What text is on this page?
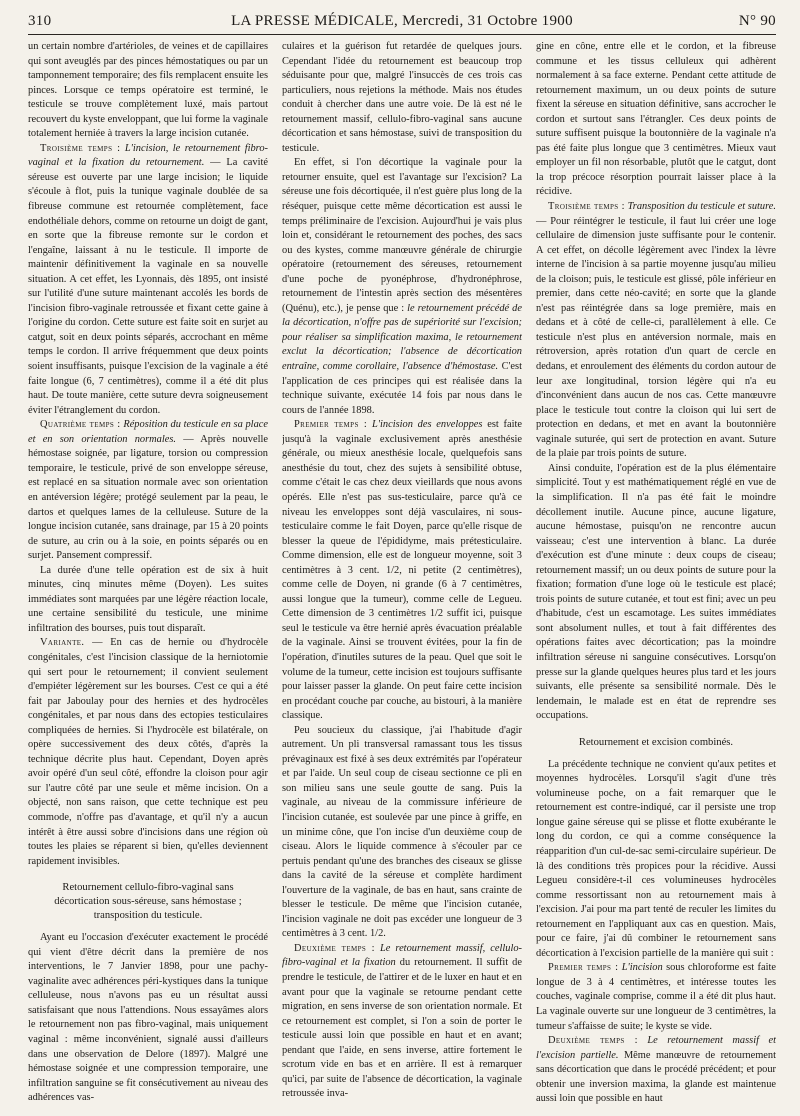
310	LA PRESSE MÉDICALE, Mercredi, 31 Octobre 1900	N° 90

un certain nombre d'artérioles, de veines et de capillaires qui sont aveuglés par des pinces hémostatiques ou par un tamponnement temporaire; des fils remplacent ensuite les pinces. Lorsque ce temps opératoire est terminé, le testicule se trouve complètement luxé, mais partout recouvert du kyste enveloppant, que lui forme la vaginale totalement herniée à travers la large incision cutanée.

Troisième temps : L'incision, le retournement fibro-vaginal et la fixation du retournement. — La cavité séreuse est ouverte par une large incision; le liquide s'écoule à flot, puis la tunique vaginale doublée de sa fibreuse commune est retournée complètement, face endothéliale dehors, comme on retourne un doigt de gant, en sorte que la fibreuse remonte sur le cordon et l'engaîne, laissant à nu le testicule. Il importe de maintenir définitivement la vaginale en sa nouvelle situation. A cet effet, les Lyonnais, dès 1895, ont insisté sur l'utilité d'une suture maintenant accolés les bords de l'incision fibro-vaginale retroussée et fixant cette gaine à l'origine du cordon. Cette suture est faite soit en surjet au catgut, soit en deux points séparés, accrochant en même temps le cordon. Il arrive fréquemment que deux points soient insuffisants, puisque l'excision de la vaginale a été faite longue (6, 7 centimètres), comme il a été dit plus haut. De toute manière, cette suture devra soigneusement éviter l'étranglement du cordon.

Quatrième temps : Réposition du testicule en sa place et en son orientation normales. — Après nouvelle hémostase soignée, par ligature, torsion ou compression temporaire, le testicule, privé de son enveloppe séreuse, est replacé en sa situation normale avec son orientation en antéversion légère; protégé seulement par la peau, le dartos et quelques lames de la celluleuse. Suture de la longue incision cutanée, sans drainage, par 15 à 20 points de suture, au crin ou à la soie, en points séparés ou en surjet. Pansement compressif.

La durée d'une telle opération est de six à huit minutes, cinq minutes même (Doyen). Les suites immédiates sont marquées par une légère réaction locale, une certaine sensibilité du testicule, une minime infiltration des bourses, puis tout disparaît.

Variante. — En cas de hernie ou d'hydrocèle congénitales, c'est l'incision classique de la herniotomie qui sert pour le retournement; il convient seulement d'empiéter légèrement sur les bourses. C'est ce qui a été fait par Jaboulay pour des hernies et des hydrocèles congénitales, et par nous dans des ectopies testiculaires compliquées de hernies. Si l'hydrocèle est bilatérale, on opère successivement des deux côtés, d'après la technique décrite plus haut. Cependant, Doyen après avoir opéré d'un seul côté, effondre la cloison pour agir sur l'autre côté par une seule et même incision. On a objecté, non sans raison, que cette technique est peu commode, n'offre pas d'avantage, et qu'il n'y a aucun intérêt à être aussi sobre d'incisions dans une région où toutes les plaies se réparent si bien, qu'elles deviennent rapidement invisibles.

Retournement cellulo-fibro-vaginal sans décortication sous-séreuse, sans hémostase ; transposition du testicule.

Ayant eu l'occasion d'exécuter exactement le procédé qui vient d'être décrit dans la première de nos interventions, le 7 Janvier 1898, pour une pachy-vaginalite avec adhérences péri-kystiques dans la tunique celluleuse, nous n'avons pas eu un résultat aussi satisfaisant que nous l'attendions. Nous essayâmes alors le retournement non pas fibro-vaginal, mais uniquement vaginal : même inconvénient, signalé aussi d'ailleurs dans une observation de Delore (1897). Malgré une hémostase soignée et une compression temporaire, une infiltration sanguine se fit consécutivement au niveau des adhérences vas-

culaires et la guérison fut retardée de quelques jours. Cependant l'idée du retournement est beaucoup trop séduisante pour que, malgré l'insuccès de ces trois cas particuliers, nous rejetions la méthode. Mais nos études conduit à chercher dans une autre voie. De là est né le retournement massif, cellulo-fibro-vaginal sans aucune décortication et sans hémostase, suivi de transposition du testicule.

En effet, si l'on décortique la vaginale pour la retourner ensuite, quel est l'avantage sur l'excision? La séreuse une fois décortiquée, il n'est guère plus long de la réséquer, puisque cette même décortication est aussi le temps préliminaire de l'excision. Aujourd'hui je vais plus loin et, considérant le retournement des poches, des sacs ou des kystes, comme manœuvre générale de chirurgie opératoire (retournement des séreuses, retournement d'une poche de pyonéphrose, d'hydronéphrose, retournement de l'intestin après section des mésentères (Quénu), etc.), je pense que : le retournement précédé de la décortication, n'offre pas de supériorité sur l'excision; pour réaliser sa simplification maxima, le retournement exclut la décortication; l'absence de décortication entraîne, comme corollaire, l'absence d'hémostase. C'est l'application de ces principes qui est réalisée dans la technique suivante, exécutée 14 fois par nous dans le cours de l'année 1898.

Premier temps : L'incision des enveloppes est faite jusqu'à la vaginale exclusivement après anesthésie générale, ou mieux anesthésie locale, quelquefois sans anesthésie du tout, chez des sujets à sensibilité obtuse, comme c'était le cas chez deux vieillards que nous avons opérés. Elle n'est pas sus-testiculaire, parce qu'à ce niveau les enveloppes sont déjà vasculaires, ni sous-testiculaire comme le fait Doyen, parce qu'elle risque de blesser la queue de l'épididyme, mais prétesticulaire. Comme dimension, elle est de longueur moyenne, soit 3 centimètres à 3 cent. 1/2, ni petite (2 centimètres), comme celle de Doyen, ni grande (6 à 7 centimètres, aussi longue que la tumeur), comme celle de Legueu. Cette dimension de 3 centimètres 1/2 suffit ici, puisque seul le testicule va être hernié après évacuation préalable de la vaginale. Ainsi se trouvent évitées, pour la fin de l'opération, d'inutiles sutures de la peau. Quel que soit le volume de la tumeur, cette incision est toujours suffisante pour laisser passer la glande. On peut faire cette incision en procédant couche par couche, au bistouri, à la manière classique.

Peu soucieux du classique, j'ai l'habitude d'agir autrement. Un pli transversal ramassant tous les tissus prévaginaux est fixé à ses deux extrémités par l'opérateur et par l'aide. Un seul coup de ciseau sectionne ce pli en son milieu sans une seule goutte de sang. Puis la vaginale, au niveau de la commissure inférieure de l'incision cutanée, est soulevée par une pince à griffe, en un minime cône, que l'on incise d'un deuxième coup de ciseau. Alors le liquide commence à s'écouler par ce pertuis pendant qu'une des branches des ciseaux se glisse dans la cavité de la séreuse et complète hardiment l'ouverture de la vaginale, de bas en haut, sans crainte de blesser le testicule. De même que l'incision cutanée, l'incision vaginale ne doit pas excéder une longueur de 3 centimètres à 3 cent. 1/2.

Deuxième temps : Le retournement massif, cellulo-fibro-vaginal et la fixation du retournement. Il suffit de prendre le testicule, de l'attirer et de le luxer en haut et en avant pour que la vaginale se retourne pendant cette migration, en sens inverse de son orientation normale. Et ce retournement est complet, si l'on a soin de porter le testicule aussi loin que possible en haut et en avant; pendant que l'aide, en sens inverse, attire fortement le scrotum vide en bas et en arrière. Il est à remarquer qu'ici, par suite de l'absence de décortication, la vaginale retroussée inva-

gine en cône, entre elle et le cordon, et la fibreuse commune et les tissus celluleux qui adhèrent normalement à sa face externe. Pendant cette attitude de retournement maximum, un ou deux points de suture fixent la séreuse en situation définitive, sans accrocher le cordon et surtout sans l'étrangler. Ces deux points de suture suffisent puisque la boutonnière de la vaginale n'a pas été faite plus longue que 3 centimètres. Mieux vaut employer un fil non résorbable, plutôt que le catgut, dont la trop précoce résorption pourrait laisser place à la récidive.

Troisième temps : Transposition du testicule et suture. — Pour réintégrer le testicule, il faut lui créer une loge cellulaire de dimension juste suffisante pour le contenir. A cet effet, on décolle légèrement avec l'index la lèvre interne de l'incision à sa partie moyenne jusqu'au milieu de la cloison; puis, le testicule est glissé, pôle inférieur en premier, dans cette néo-cavité; en sorte que la glande n'est pas réintégrée dans sa loge première, mais en dedans et à côté de celle-ci, parallèlement à elle. Ce testicule n'est plus en antéversion normale, mais en rétroversion, après rotation d'un quart de cercle en dedans, et enroulement des éléments du cordon autour de leur axe longitudinal, torsion légère qui n'a eu d'inconvénient dans aucun de nos cas. Cette manœuvre place le testicule tout contre la cloison qui lui sert de protection en dedans, et met en avant la boutonnière vaginale suturée, qui sert de protection en avant. Suture de la plaie par trois points de suture.

Ainsi conduite, l'opération est de la plus élémentaire simplicité. Tout y est mathématiquement réglé en vue de la simplification. Il n'a pas été fait le moindre décollement inutile. Aucune pince, aucune ligature, aucune hémostase, puisqu'on ne rencontre aucun vaisseau; c'est une intervention à blanc. La durée d'exécution est d'une minute : deux coups de ciseau; retournement massif; un ou deux points de suture pour la fixation; formation d'une loge où le testicule est placé; trois points de suture cutanée, et tout est fini; avec un peu d'habitude, c'est un escamotage. Les suites immédiates sont absolument nulles, et tout à fait différentes des opérations faites avec décortication; pas la moindre infiltration séreuse ni sanguine consécutives. Lorsqu'on presse sur la glande quelques heures plus tard et les jours suivants, elle présente sa sensibilité normale. Dès le lendemain, le malade est en état de reprendre ses occupations.

Retournement et excision combinés.

La précédente technique ne convient qu'aux petites et moyennes hydrocèles. Lorsqu'il s'agit d'une très volumineuse poche, on a fait remarquer que le retournement est contre-indiqué, car il persiste une trop longue gaine séreuse qui se plisse et flotte exubérante le long du cordon, ce qui a comme conséquence la réapparition d'un cul-de-sac semi-circulaire supérieur. De là des conditions très propices pour la récidive. Aussi Legueu considère-t-il ces volumineuses hydrocèles comme ressortissant non au retournement mais à l'excision. J'ai pour ma part tenté de reculer les limites du retournement en l'appliquant aux cas en question. Mais, pour ce faire, j'ai dû combiner le retournement sans décortication à l'excision partielle de la manière qui suit :

Premier temps : L'incision sous chloroforme est faite longue de 3 à 4 centimètres, et intéresse toutes les couches, vaginale comprise, comme il a été dit plus haut. La vaginale ouverte sur une longueur de 3 centimètres, la tumeur s'affaisse de suite; le kyste se vide.

Deuxième temps : Le retournement massif et l'excision partielle. Même manœuvre de retournement sans décortication que dans le procédé précédent; et pour obtenir une inversion maxima, la glande est maintenue aussi loin que possible en haut
